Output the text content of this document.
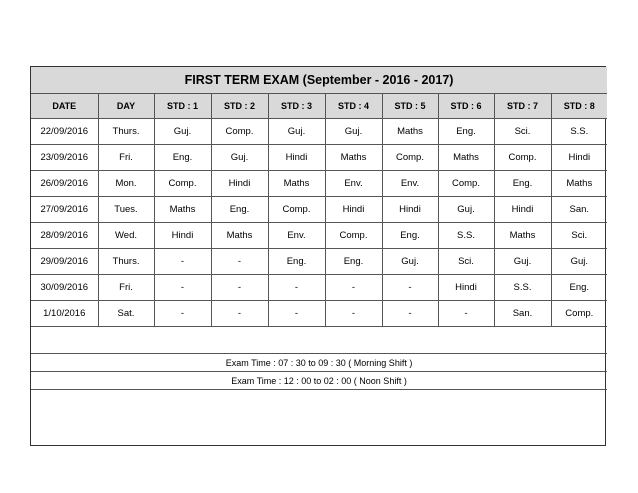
FIRST TERM EXAM (September - 2016 - 2017)									
DATE	DAY	STD : 1	STD : 2	STD : 3	STD : 4	STD : 5	STD : 6	STD : 7	STD : 8
22/09/2016	Thurs.	Guj.	Comp.	Guj.	Guj.	Maths	Eng.	Sci.	S.S.
23/09/2016	Fri.	Eng.	Guj.	Hindi	Maths	Comp.	Maths	Comp.	Hindi
26/09/2016	Mon.	Comp.	Hindi	Maths	Env.	Env.	Comp.	Eng.	Maths
27/09/2016	Tues.	Maths	Eng.	Comp.	Hindi	Hindi	Guj.	Hindi	San.
28/09/2016	Wed.	Hindi	Maths	Env.	Comp.	Eng.	S.S.	Maths	Sci.
29/09/2016	Thurs.	-	-	Eng.	Eng.	Guj.	Sci.	Guj.	Guj.
30/09/2016	Fri.	-	-	-	-	-	Hindi	S.S.	Eng.
1/10/2016	Sat.	-	-	-	-	-	-	San.	Comp.

Exam Time : 07 : 30 to 09 : 30 ( Morning Shift )									
Exam Time : 12 : 00 to 02 : 00 ( Noon Shift )									
